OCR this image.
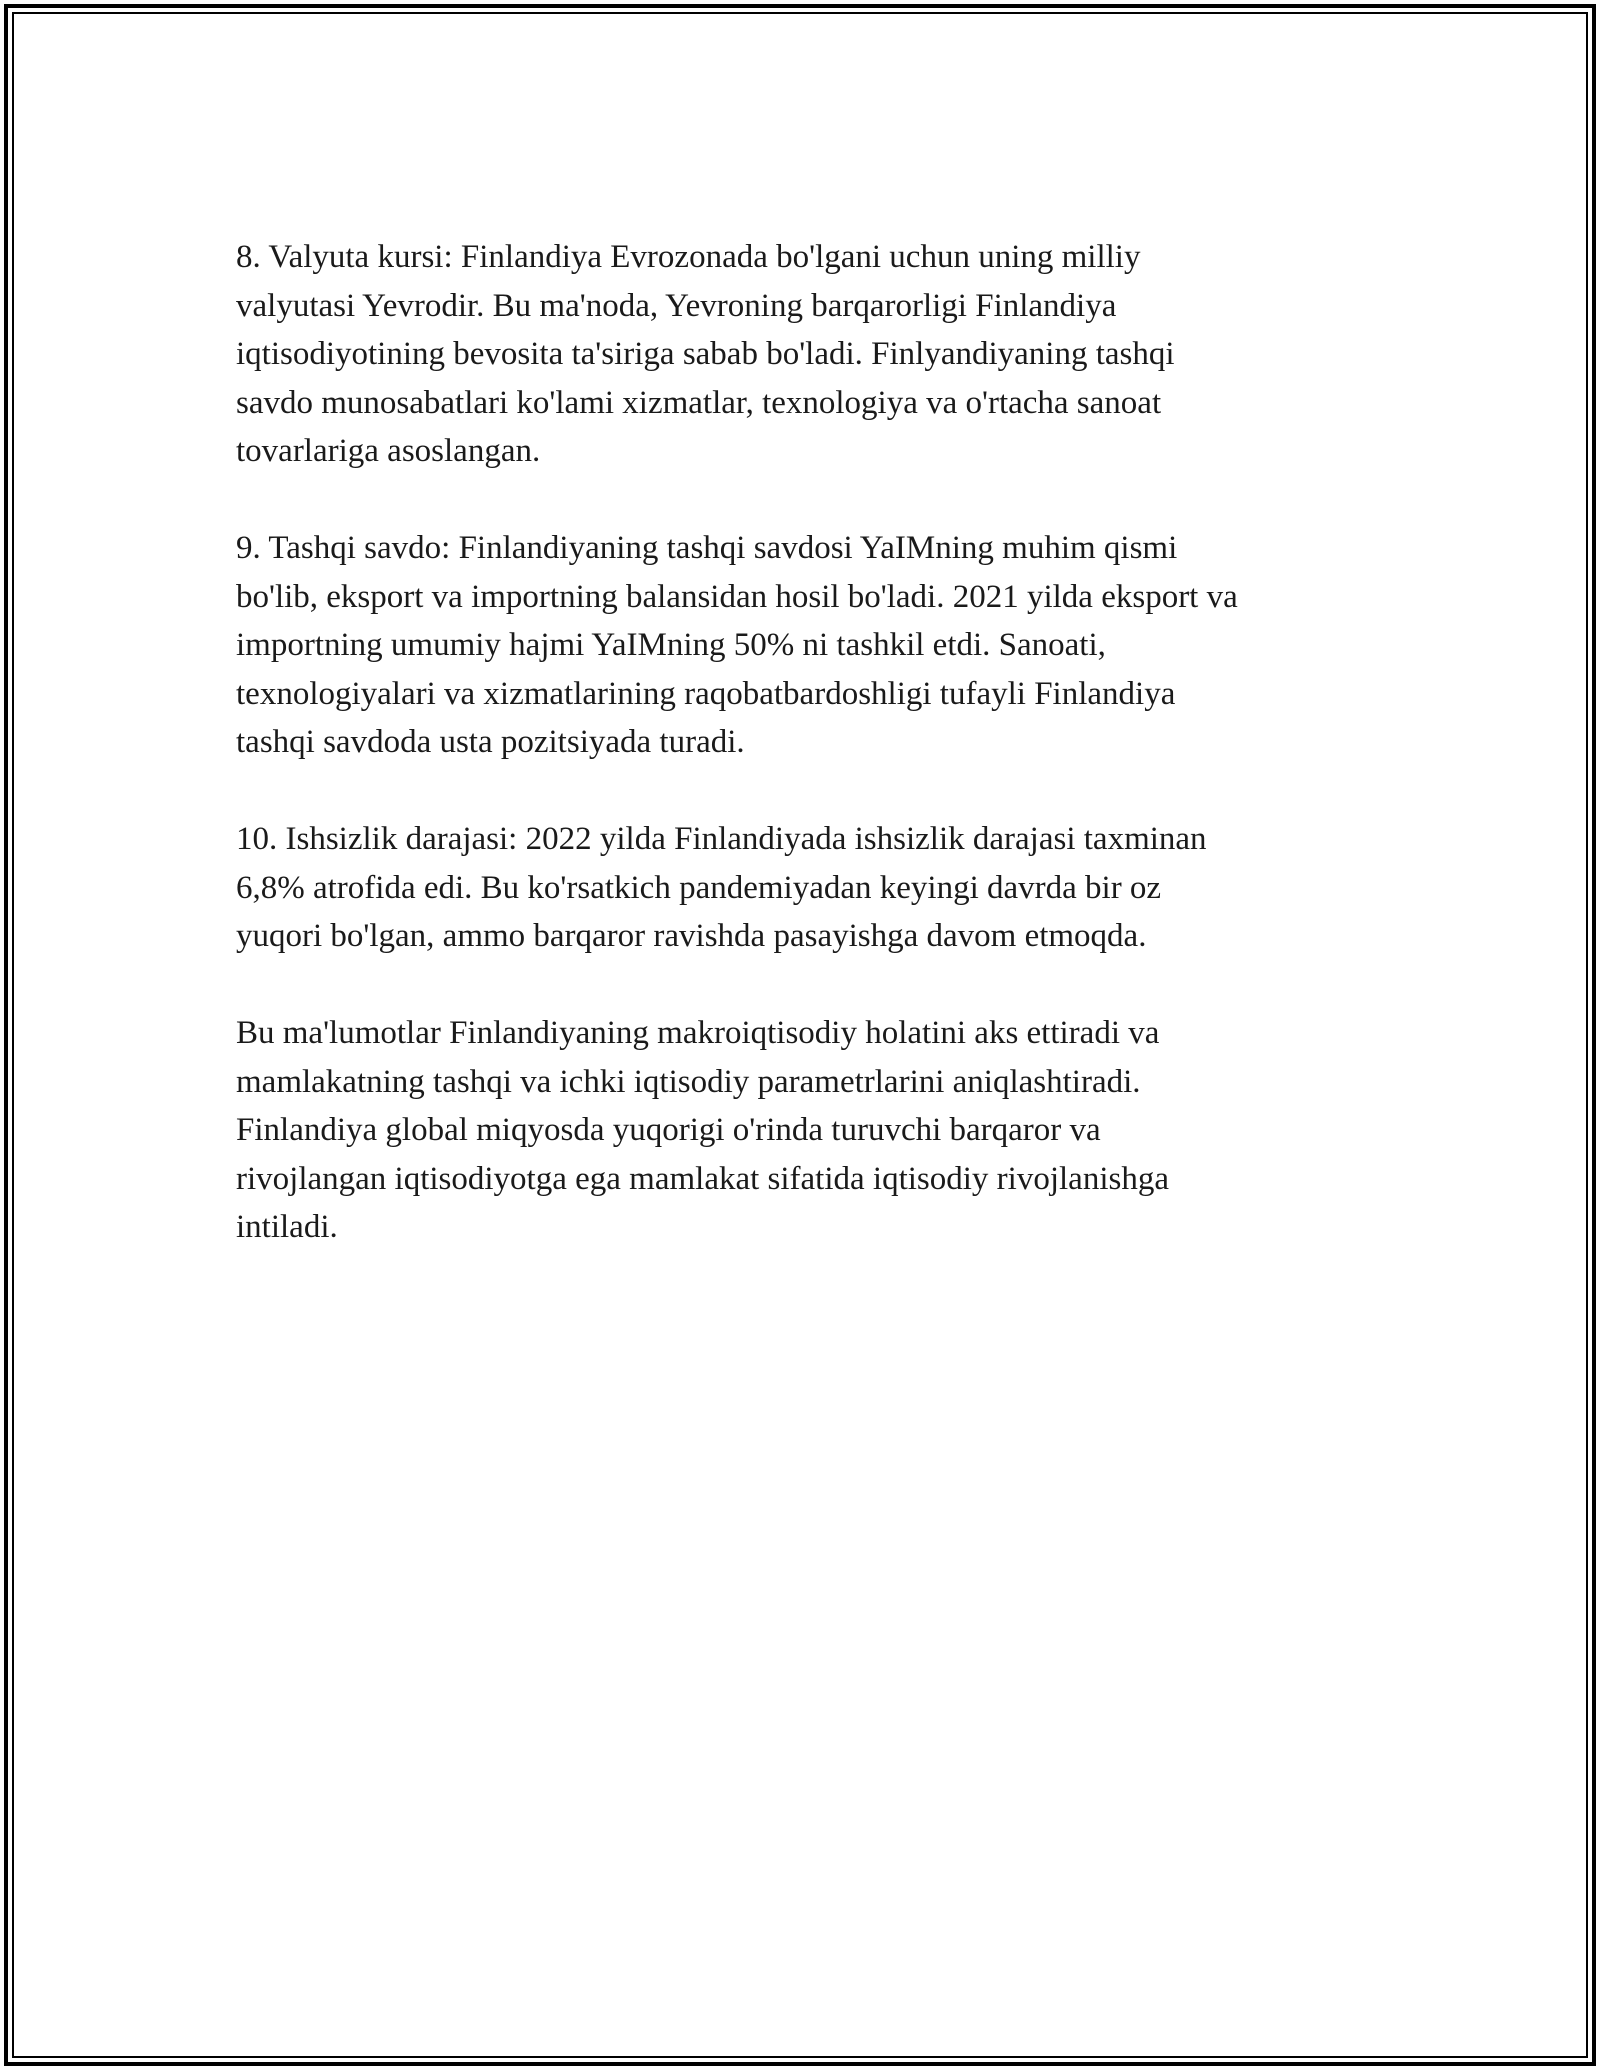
8. Valyuta kursi: Finlandiya Evrozonada bo'lgani uchun uning milliy
valyutasi Yevrodir. Bu ma'noda, Yevroning barqarorligi Finlandiya
iqtisodiyotining bevosita ta'siriga sabab bo'ladi. Finlyandiyaning tashqi
savdo munosabatlari ko'lami xizmatlar, texnologiya va o'rtacha sanoat
tovarlariga asoslangan.

9. Tashqi savdo: Finlandiyaning tashqi savdosi YaIMning muhim qismi
bo'lib, eksport va importning balansidan hosil bo'ladi. 2021 yilda eksport va
importning umumiy hajmi YaIMning 50% ni tashkil etdi. Sanoati,
texnologiyalari va xizmatlarining raqobatbardoshligi tufayli Finlandiya
tashqi savdoda usta pozitsiyada turadi.

10. Ishsizlik darajasi: 2022 yilda Finlandiyada ishsizlik darajasi taxminan
6,8% atrofida edi. Bu ko'rsatkich pandemiyadan keyingi davrda bir oz
yuqori bo'lgan, ammo barqaror ravishda pasayishga davom etmoqda.

Bu ma'lumotlar Finlandiyaning makroiqtisodiy holatini aks ettiradi va
mamlakatning tashqi va ichki iqtisodiy parametrlarini aniqlashtiradi.
Finlandiya global miqyosda yuqorigi o'rinda turuvchi barqaror va
rivojlangan iqtisodiyotga ega mamlakat sifatida iqtisodiy rivojlanishga
intiladi.
